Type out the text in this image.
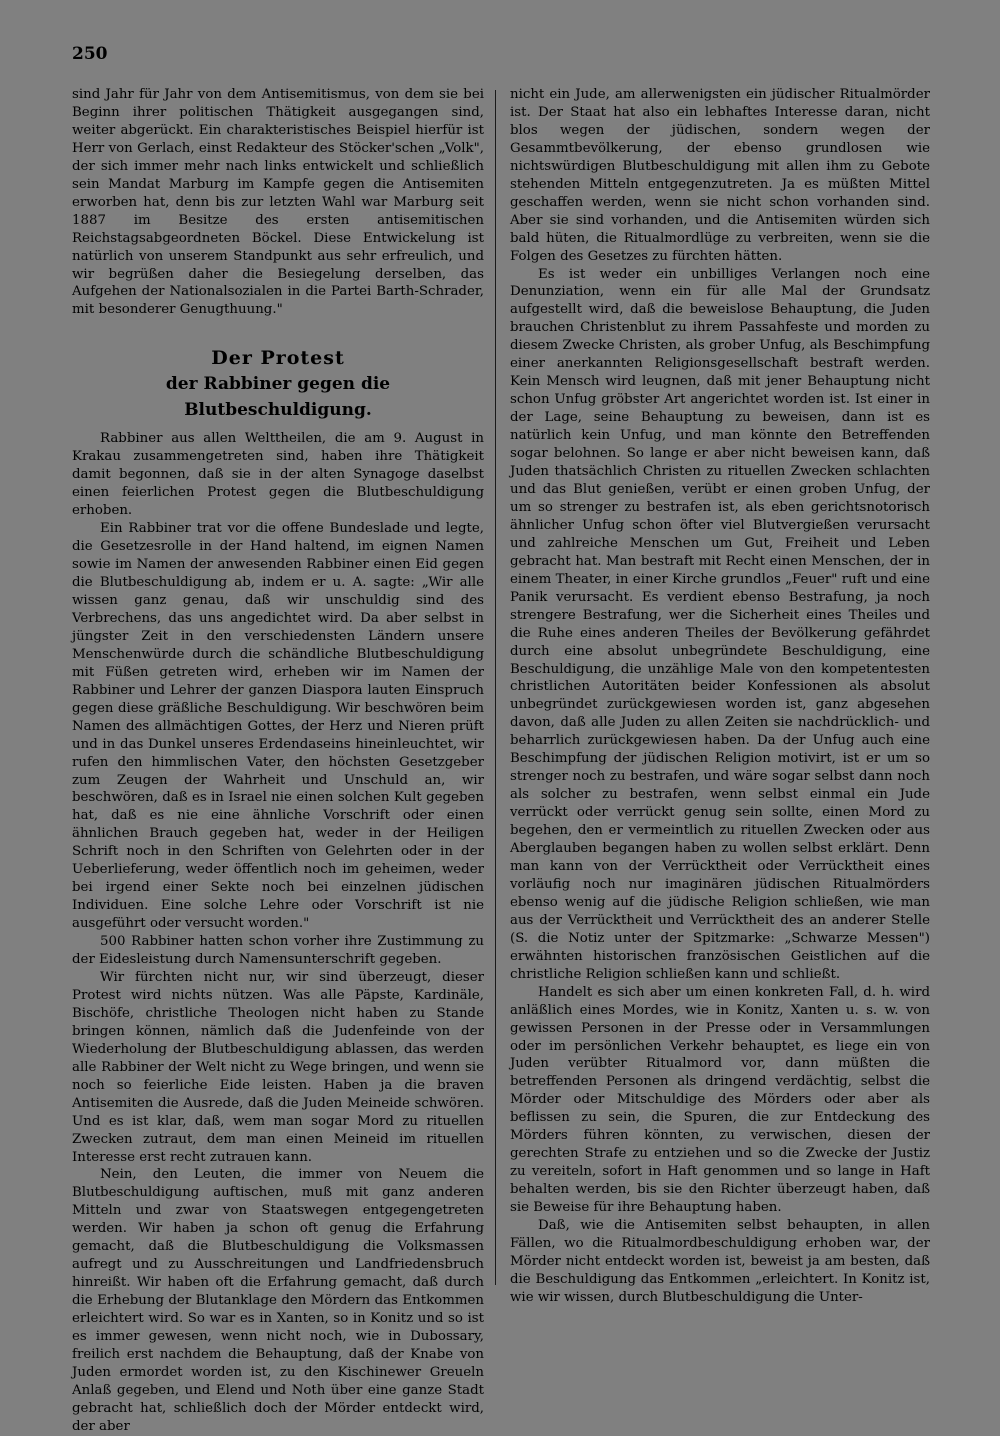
250

sind Jahr für Jahr von dem Antisemitismus, von dem sie bei Beginn ihrer politischen Thätigkeit ausgegangen sind, weiter abgerückt. Ein charakteristisches Beispiel hierfür ist Herr von Gerlach, einst Redakteur des Stöcker'schen „Volk", der sich immer mehr nach links entwickelt und schließlich sein Mandat Marburg im Kampfe gegen die Antisemiten erworben hat, denn bis zur letzten Wahl war Marburg seit 1887 im Besitze des ersten antisemitischen Reichstagsabgeordneten Böckel. Diese Entwickelung ist natürlich von unserem Standpunkt aus sehr erfreulich, und wir begrüßen daher die Besiegelung derselben, das Aufgehen der Nationalsozialen in die Partei Barth-Schrader, mit besonderer Genugthuung."

Der Protest
der Rabbiner gegen die Blutbeschuldigung.

Rabbiner aus allen Welttheilen, die am 9. August in Krakau zusammengetreten sind, haben ihre Thätigkeit damit begonnen, daß sie in der alten Synagoge daselbst einen feierlichen Protest gegen die Blutbeschuldigung erhoben.

Ein Rabbiner trat vor die offene Bundeslade und legte, die Gesetzesrolle in der Hand haltend, im eignen Namen sowie im Namen der anwesenden Rabbiner einen Eid gegen die Blutbeschuldigung ab, indem er u. A. sagte: „Wir alle wissen ganz genau, daß wir unschuldig sind des Verbrechens, das uns angedichtet wird. Da aber selbst in jüngster Zeit in den verschiedensten Ländern unsere Menschenwürde durch die schändliche Blutbeschuldigung mit Füßen getreten wird, erheben wir im Namen der Rabbiner und Lehrer der ganzen Diaspora lauten Einspruch gegen diese gräßliche Beschuldigung. Wir beschwören beim Namen des allmächtigen Gottes, der Herz und Nieren prüft und in das Dunkel unseres Erdendaseins hineinleuchtet, wir rufen den himmlischen Vater, den höchsten Gesetzgeber zum Zeugen der Wahrheit und Unschuld an, wir beschwören, daß es in Israel nie einen solchen Kult gegeben hat, daß es nie eine ähnliche Vorschrift oder einen ähnlichen Brauch gegeben hat, weder in der Heiligen Schrift noch in den Schriften von Gelehrten oder in der Ueberlieferung, weder öffentlich noch im geheimen, weder bei irgend einer Sekte noch bei einzelnen jüdischen Individuen. Eine solche Lehre oder Vorschrift ist nie ausgeführt oder versucht worden."

500 Rabbiner hatten schon vorher ihre Zustimmung zu der Eidesleistung durch Namensunterschrift gegeben.

Wir fürchten nicht nur, wir sind überzeugt, dieser Protest wird nichts nützen. Was alle Päpste, Kardinäle, Bischöfe, christliche Theologen nicht haben zu Stande bringen können, nämlich daß die Judenfeinde von der Wiederholung der Blutbeschuldigung ablassen, das werden alle Rabbiner der Welt nicht zu Wege bringen, und wenn sie noch so feierliche Eide leisten. Haben ja die braven Antisemiten die Ausrede, daß die Juden Meineide schwören. Und es ist klar, daß, wem man sogar Mord zu rituellen Zwecken zutraut, dem man einen Meineid im rituellen Interesse erst recht zutrauen kann.

Nein, den Leuten, die immer von Neuem die Blutbeschuldigung auftischen, muß mit ganz anderen Mitteln und zwar von Staatswegen entgegengetreten werden. Wir haben ja schon oft genug die Erfahrung gemacht, daß die Blutbeschuldigung die Volksmassen aufregt und zu Ausschreitungen und Landfriedensbruch hinreißt. Wir haben oft die Erfahrung gemacht, daß durch die Erhebung der Blutanklage den Mördern das Entkommen erleichtert wird. So war es in Xanten, so in Konitz und so ist es immer gewesen, wenn nicht noch, wie in Dubossary, freilich erst nachdem die Behauptung, daß der Knabe von Juden ermordet worden ist, zu den Kischinewer Greueln Anlaß gegeben, und Elend und Noth über eine ganze Stadt gebracht hat, schließlich doch der Mörder entdeckt wird, der aber

nicht ein Jude, am allerwenigsten ein jüdischer Ritualmörder ist. Der Staat hat also ein lebhaftes Interesse daran, nicht blos wegen der jüdischen, sondern wegen der Gesammtbevölkerung, der ebenso grundlosen wie nichtswürdigen Blutbeschuldigung mit allen ihm zu Gebote stehenden Mitteln entgegenzutreten. Ja es müßten Mittel geschaffen werden, wenn sie nicht schon vorhanden sind. Aber sie sind vorhanden, und die Antisemiten würden sich bald hüten, die Ritualmordlüge zu verbreiten, wenn sie die Folgen des Gesetzes zu fürchten hätten.

Es ist weder ein unbilliges Verlangen noch eine Denunziation, wenn ein für alle Mal der Grundsatz aufgestellt wird, daß die beweislose Behauptung, die Juden brauchen Christenblut zu ihrem Passahfeste und morden zu diesem Zwecke Christen, als grober Unfug, als Beschimpfung einer anerkannten Religionsgesellschaft bestraft werden. Kein Mensch wird leugnen, daß mit jener Behauptung nicht schon Unfug gröbster Art angerichtet worden ist. Ist einer in der Lage, seine Behauptung zu beweisen, dann ist es natürlich kein Unfug, und man könnte den Betreffenden sogar belohnen. So lange er aber nicht beweisen kann, daß Juden thatsächlich Christen zu rituellen Zwecken schlachten und das Blut genießen, verübt er einen groben Unfug, der um so strenger zu bestrafen ist, als eben gerichtsnotorisch ähnlicher Unfug schon öfter viel Blutvergießen verursacht und zahlreiche Menschen um Gut, Freiheit und Leben gebracht hat. Man bestraft mit Recht einen Menschen, der in einem Theater, in einer Kirche grundlos „Feuer" ruft und eine Panik verursacht. Es verdient ebenso Bestrafung, ja noch strengere Bestrafung, wer die Sicherheit eines Theiles und die Ruhe eines anderen Theiles der Bevölkerung gefährdet durch eine absolut unbegründete Beschuldigung, eine Beschuldigung, die unzählige Male von den kompetentesten christlichen Autoritäten beider Konfessionen als absolut unbegründet zurückgewiesen worden ist, ganz abgesehen davon, daß alle Juden zu allen Zeiten sie nachdrücklich- und beharrlich zurückgewiesen haben. Da der Unfug auch eine Beschimpfung der jüdischen Religion motivirt, ist er um so strenger noch zu bestrafen, und wäre sogar selbst dann noch als solcher zu bestrafen, wenn selbst einmal ein Jude verrückt oder verrückt genug sein sollte, einen Mord zu begehen, den er vermeintlich zu rituellen Zwecken oder aus Aberglauben begangen haben zu wollen selbst erklärt. Denn man kann von der Verrücktheit oder Verrücktheit eines vorläufig noch nur imaginären jüdischen Ritualmörders ebenso wenig auf die jüdische Religion schließen, wie man aus der Verrücktheit und Verrücktheit des an anderer Stelle (S. die Notiz unter der Spitzmarke: „Schwarze Messen") erwähnten historischen französischen Geistlichen auf die christliche Religion schließen kann und schließt.

Handelt es sich aber um einen konkreten Fall, d. h. wird anläßlich eines Mordes, wie in Konitz, Xanten u. s. w. von gewissen Personen in der Presse oder in Versammlungen oder im persönlichen Verkehr behauptet, es liege ein von Juden verübter Ritualmord vor, dann müßten die betreffenden Personen als dringend verdächtig, selbst die Mörder oder Mitschuldige des Mörders oder aber als beflissen zu sein, die Spuren, die zur Entdeckung des Mörders führen könnten, zu verwischen, diesen der gerechten Strafe zu entziehen und so die Zwecke der Justiz zu vereiteln, sofort in Haft genommen und so lange in Haft behalten werden, bis sie den Richter überzeugt haben, daß sie Beweise für ihre Behauptung haben.

Daß, wie die Antisemiten selbst behaupten, in allen Fällen, wo die Ritualmordbeschuldigung erhoben war, der Mörder nicht entdeckt worden ist, beweist ja am besten, daß die Beschuldigung das Entkommen „erleichtert. In Konitz ist, wie wir wissen, durch Blutbeschuldigung die Unter-
